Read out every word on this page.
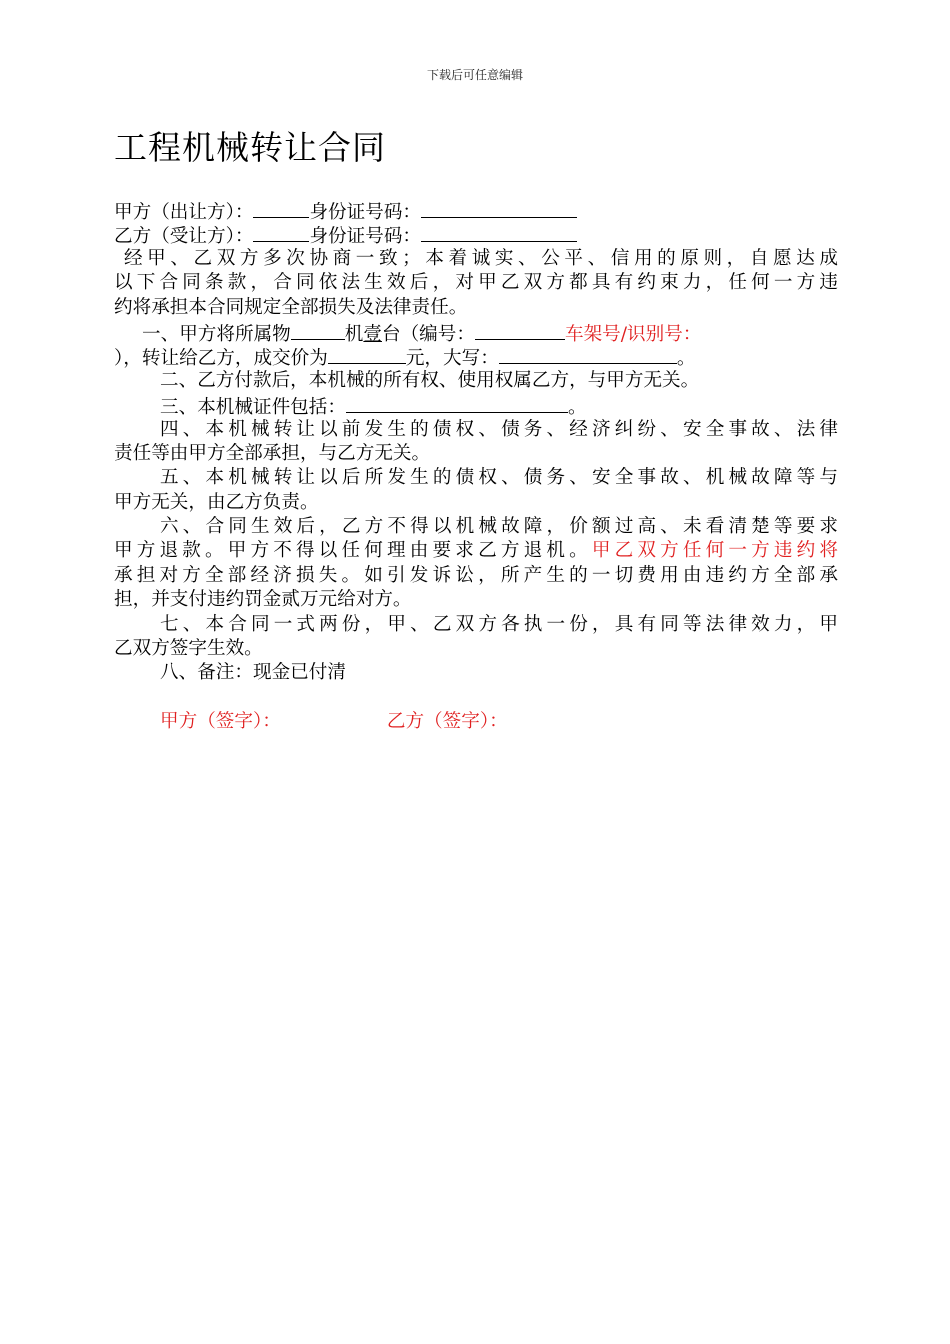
下载后可任意编辑
工程机械转让合同
甲方（出让方）：	身份证号码：
乙方（受让方）：	身份证号码：
经甲、乙双方多次协商一致；本着诚实、公平、信用的原则，自愿达成
以下合同条款，合同依法生效后，对甲乙双方都具有约束力，任何一方违
约将承担本合同规定全部损失及法律责任。
一、甲方将所属物	机壹台（编号：	车架号/识别号：
），转让给乙方，成交价为	元，大写：	。
二、乙方付款后，本机械的所有权、使用权属乙方，与甲方无关。
三、本机械证件包括：	。
四、本机械转让以前发生的债权、债务、经济纠纷、安全事故、法律
责任等由甲方全部承担，与乙方无关。
五、本机械转让以后所发生的债权、债务、安全事故、机械故障等与
甲方无关，由乙方负责。
六、合同生效后，乙方不得以机械故障，价额过高、未看清楚等要求
甲方退款。甲方不得以任何理由要求乙方退机。甲乙双方任何一方违约将
承担对方全部经济损失。如引发诉讼，所产生的一切费用由违约方全部承
担，并支付违约罚金贰万元给对方。
七、本合同一式两份，甲、乙双方各执一份，具有同等法律效力，甲
乙双方签字生效。
八、备注：现金已付清
甲方（签字）：	乙方（签字）：
